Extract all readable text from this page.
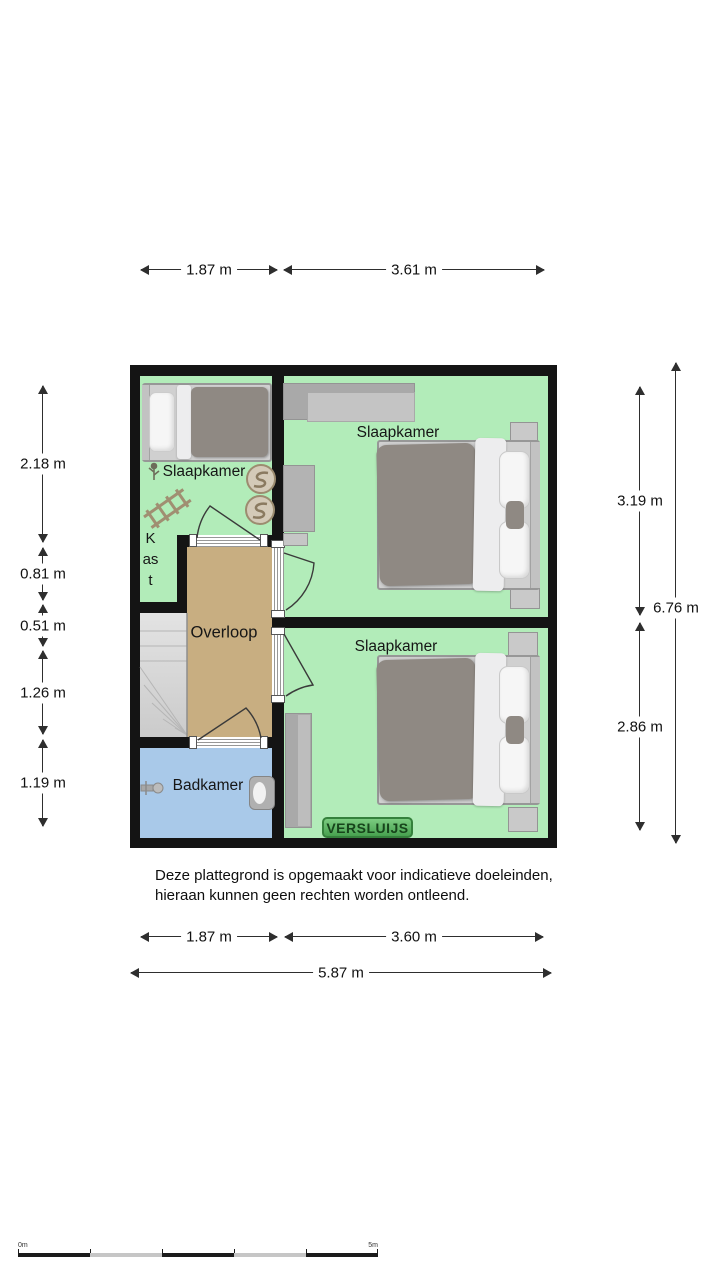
1.87 m	3.61 m
2.18 m
0.81 m
0.51 m
1.26 m
1.19 m
3.19 m
2.86 m
6.76 m
Slaapkamer
Slaapkamer
Slaapkamer
Overloop
Badkamer
Kast
VERSLUIJS
Deze plattegrond is opgemaakt voor indicatieve doeleinden,
hieraan kunnen geen rechten worden ontleend.
1.87 m	3.60 m
5.87 m
0m	5m
